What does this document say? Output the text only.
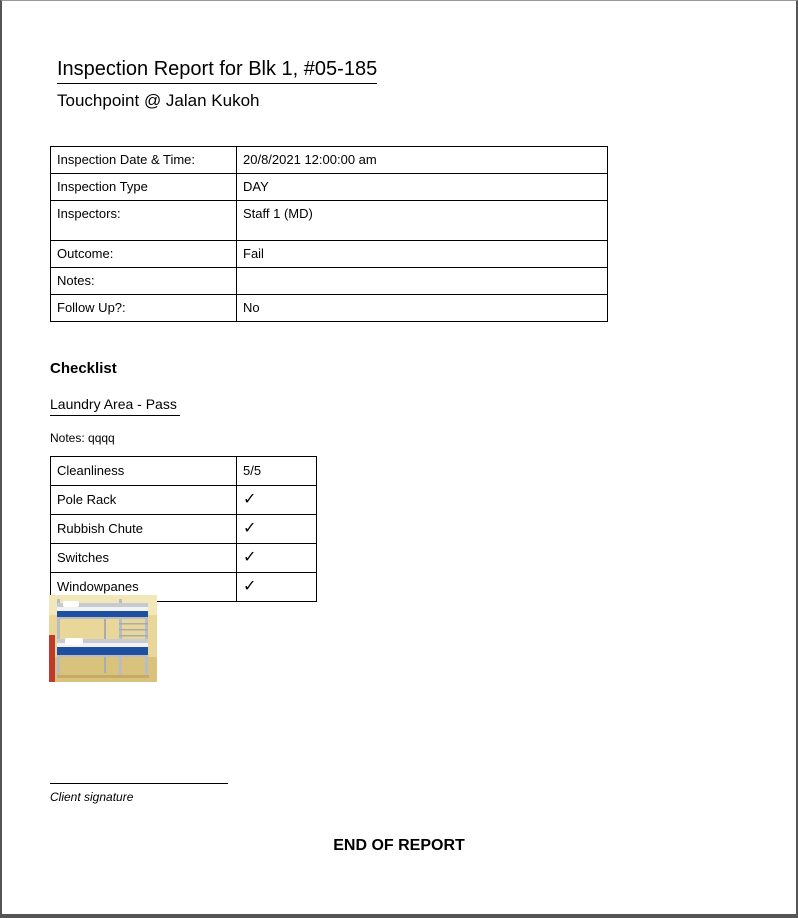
Inspection Report for Blk 1, #05-185
Touchpoint @ Jalan Kukoh
Inspection Date & Time:	20/8/2021 12:00:00 am
Inspection Type	DAY
Inspectors:	Staff 1 (MD)
Outcome:	Fail
Notes:	
Follow Up?:	No
Checklist
Laundry Area - Pass
Notes: qqqq
Cleanliness	5/5
Pole Rack	✓
Rubbish Chute	✓
Switches	✓
Windowpanes	✓
Client signature
END OF REPORT
